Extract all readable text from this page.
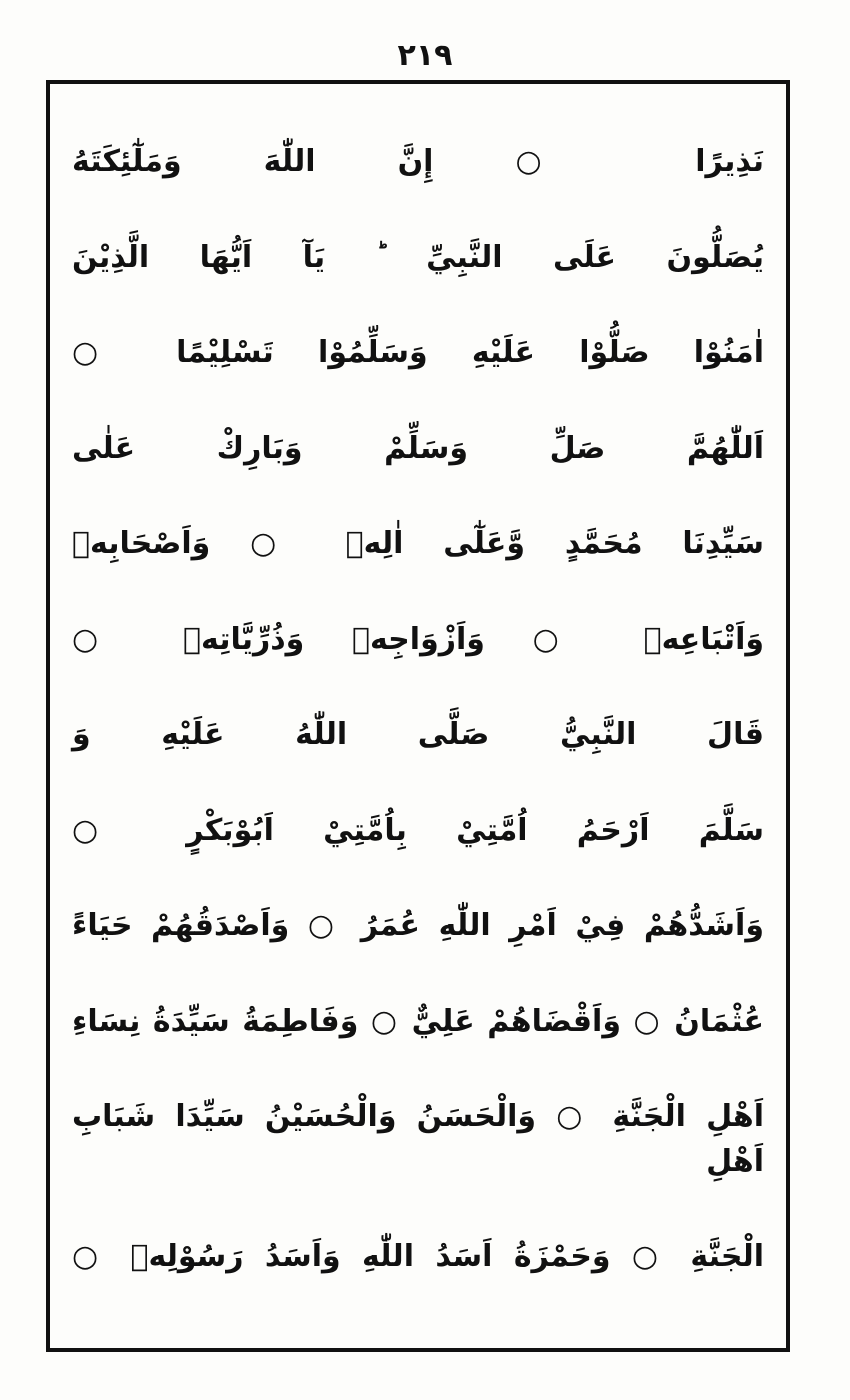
۲۱۹
نَذِيرًا ○ إِنَّ اللّٰهَ وَمَلٰٓئِكَتَهُ
يُصَلُّونَ عَلَى النَّبِيِّ ؕ يَآ اَيُّهَا الَّذِيْنَ
اٰمَنُوْا صَلُّوْا عَلَيْهِ وَسَلِّمُوْا تَسْلِيْمًا ○
اَللّٰهُمَّ صَلِّ وَسَلِّمْ وَبَارِكْ عَلٰى
سَيِّدِنَا مُحَمَّدٍ وَّعَلٰٓى اٰلِهٖ ○ وَاَصْحَابِهٖ
وَاَتْبَاعِهٖ ○ وَاَزْوَاجِهٖ وَذُرِّيَّاتِهٖ ○
قَالَ النَّبِيُّ صَلَّى اللّٰهُ عَلَيْهِ وَ
سَلَّمَ اَرْحَمُ اُمَّتِيْ بِاُمَّتِيْ اَبُوْبَكْرٍ ○
وَاَشَدُّهُمْ فِيْ اَمْرِ اللّٰهِ عُمَرُ ○ وَاَصْدَقُهُمْ حَيَاءً
عُثْمَانُ ○ وَاَقْضَاهُمْ عَلِيٌّ ○ وَفَاطِمَةُ سَيِّدَةُ نِسَاءِ
اَهْلِ الْجَنَّةِ ○ وَالْحَسَنُ وَالْحُسَيْنُ سَيِّدَا شَبَابِ اَهْلِ
الْجَنَّةِ ○ وَحَمْزَةُ اَسَدُ اللّٰهِ وَاَسَدُ رَسُوْلِهٖ ○
